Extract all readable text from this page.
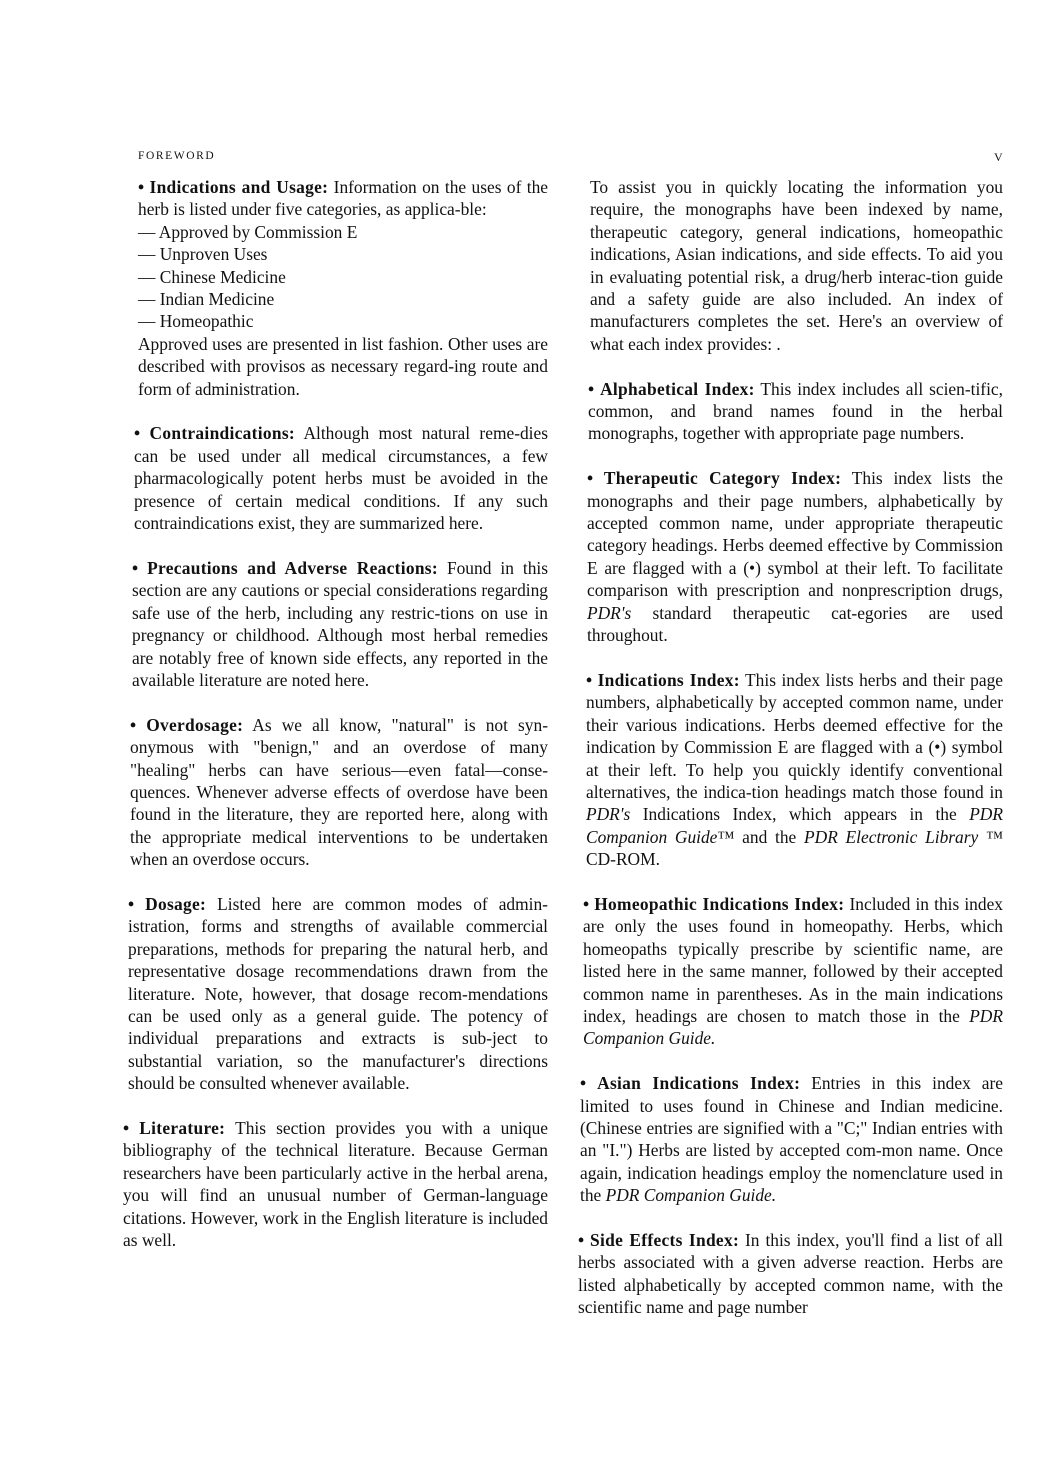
FOREWORD	V

• Indications and Usage: Information on the uses of the herb is listed under five categories, as applica-ble:

— Approved by Commission E
— Unproven Uses
— Chinese Medicine
— Indian Medicine
— Homeopathic

Approved uses are presented in list fashion. Other uses are described with provisos as necessary regard-ing route and form of administration.

• Contraindications: Although most natural reme-dies can be used under all medical circumstances, a few pharmacologically potent herbs must be avoided in the presence of certain medical conditions. If any such contraindications exist, they are summarized here.

• Precautions and Adverse Reactions: Found in this section are any cautions or special considerations regarding safe use of the herb, including any restric-tions on use in pregnancy or childhood. Although most herbal remedies are notably free of known side effects, any reported in the available literature are noted here.

• Overdosage: As we all know, "natural" is not syn-onymous with "benign," and an overdose of many "healing" herbs can have serious—even fatal—conse-quences. Whenever adverse effects of overdose have been found in the literature, they are reported here, along with the appropriate medical interventions to be undertaken when an overdose occurs.

• Dosage: Listed here are common modes of admin-istration, forms and strengths of available commercial preparations, methods for preparing the natural herb, and representative dosage recommendations drawn from the literature. Note, however, that dosage recom-mendations can be used only as a general guide. The potency of individual preparations and extracts is sub-ject to substantial variation, so the manufacturer's directions should be consulted whenever available.

• Literature: This section provides you with a unique bibliography of the technical literature. Because German researchers have been particularly active in the herbal arena, you will find an unusual number of German-language citations. However, work in the English literature is included as well.

To assist you in quickly locating the information you require, the monographs have been indexed by name, therapeutic category, general indications, homeopathic indications, Asian indications, and side effects. To aid you in evaluating potential risk, a drug/herb interac-tion guide and a safety guide are also included. An index of manufacturers completes the set. Here's an overview of what each index provides: .

• Alphabetical Index: This index includes all scien-tific, common, and brand names found in the herbal monographs, together with appropriate page numbers.

• Therapeutic Category Index: This index lists the monographs and their page numbers, alphabetically by accepted common name, under appropriate therapeutic category headings. Herbs deemed effective by Commission E are flagged with a (•) symbol at their left. To facilitate comparison with prescription and nonprescription drugs, PDR's standard therapeutic cat-egories are used throughout.

• Indications Index: This index lists herbs and their page numbers, alphabetically by accepted common name, under their various indications. Herbs deemed effective for the indication by Commission E are flagged with a (•) symbol at their left. To help you quickly identify conventional alternatives, the indica-tion headings match those found in PDR's Indications Index, which appears in the PDR Companion Guide™ and the PDR Electronic Library ™ CD-ROM.

• Homeopathic Indications Index: Included in this index are only the uses found in homeopathy. Herbs, which homeopaths typically prescribe by scientific name, are listed here in the same manner, followed by their accepted common name in parentheses. As in the main indications index, headings are chosen to match those in the PDR Companion Guide.

• Asian Indications Index: Entries in this index are limited to uses found in Chinese and Indian medicine. (Chinese entries are signified with a "C;" Indian entries with an "I.") Herbs are listed by accepted com-mon name. Once again, indication headings employ the nomenclature used in the PDR Companion Guide.

• Side Effects Index: In this index, you'll find a list of all herbs associated with a given adverse reaction. Herbs are listed alphabetically by accepted common name, with the scientific name and page number
